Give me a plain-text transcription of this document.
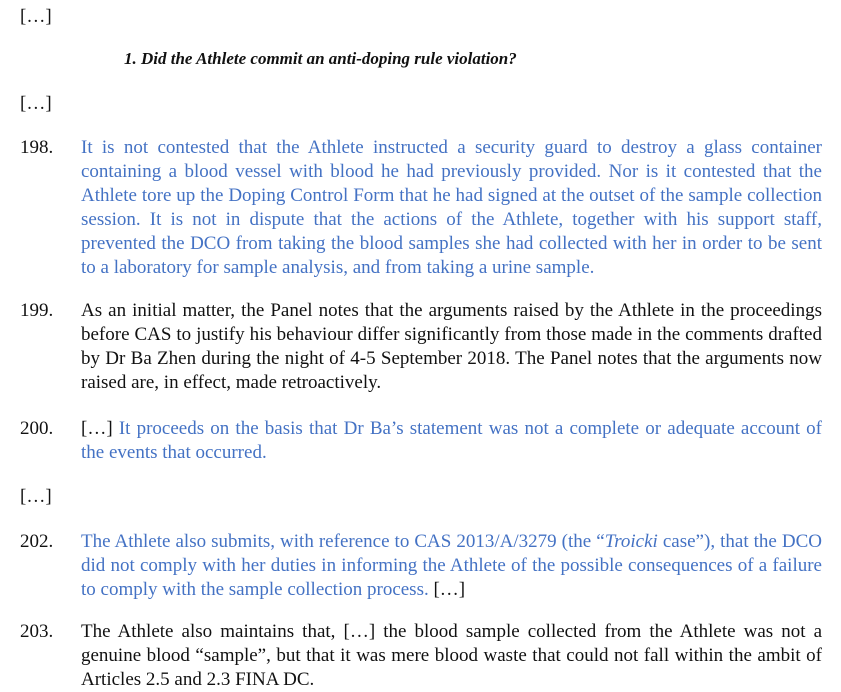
[…]
1. Did the Athlete commit an anti-doping rule violation?
[…]
198. It is not contested that the Athlete instructed a security guard to destroy a glass container containing a blood vessel with blood he had previously provided. Nor is it contested that the Athlete tore up the Doping Control Form that he had signed at the outset of the sample collection session. It is not in dispute that the actions of the Athlete, together with his support staff, prevented the DCO from taking the blood samples she had collected with her in order to be sent to a laboratory for sample analysis, and from taking a urine sample.
199. As an initial matter, the Panel notes that the arguments raised by the Athlete in the proceedings before CAS to justify his behaviour differ significantly from those made in the comments drafted by Dr Ba Zhen during the night of 4-5 September 2018. The Panel notes that the arguments now raised are, in effect, made retroactively.
200. […] It proceeds on the basis that Dr Ba’s statement was not a complete or adequate account of the events that occurred.
[…]
202. The Athlete also submits, with reference to CAS 2013/A/3279 (the “Troicki case”), that the DCO did not comply with her duties in informing the Athlete of the possible consequences of a failure to comply with the sample collection process. […]
203. The Athlete also maintains that, […] the blood sample collected from the Athlete was not a genuine blood “sample”, but that it was mere blood waste that could not fall within the ambit of Articles 2.5 and 2.3 FINA DC.
